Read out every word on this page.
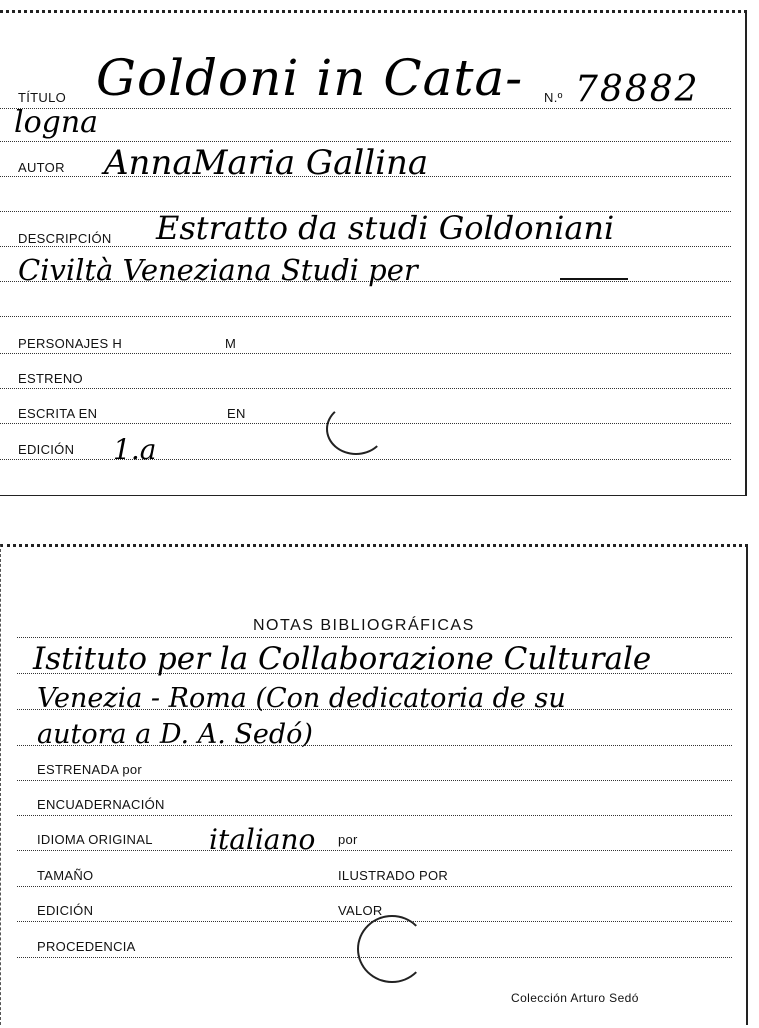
TÍTULO Goldoni in Cata- N.º 78882
logna
AUTOR AnnaMaria Gallina
DESCRIPCIÓN Estratto da studi Goldoniani
Civiltà Veneziana Studi per
PERSONAJES H	M
ESTRENO
ESCRITA EN	EN
EDICIÓN 1.a
NOTAS BIBLIOGRÁFICAS
Istituto per la Collaborazione Culturale
Venezia - Roma (Con dedicatoria de su
autora a D. A. Sedó)
ESTRENADA por
ENCUADERNACIÓN
IDIOMA ORIGINAL italiano por
TAMAÑO	ILUSTRADO POR
EDICIÓN	VALOR
PROCEDENCIA
Colección Arturo Sedó
